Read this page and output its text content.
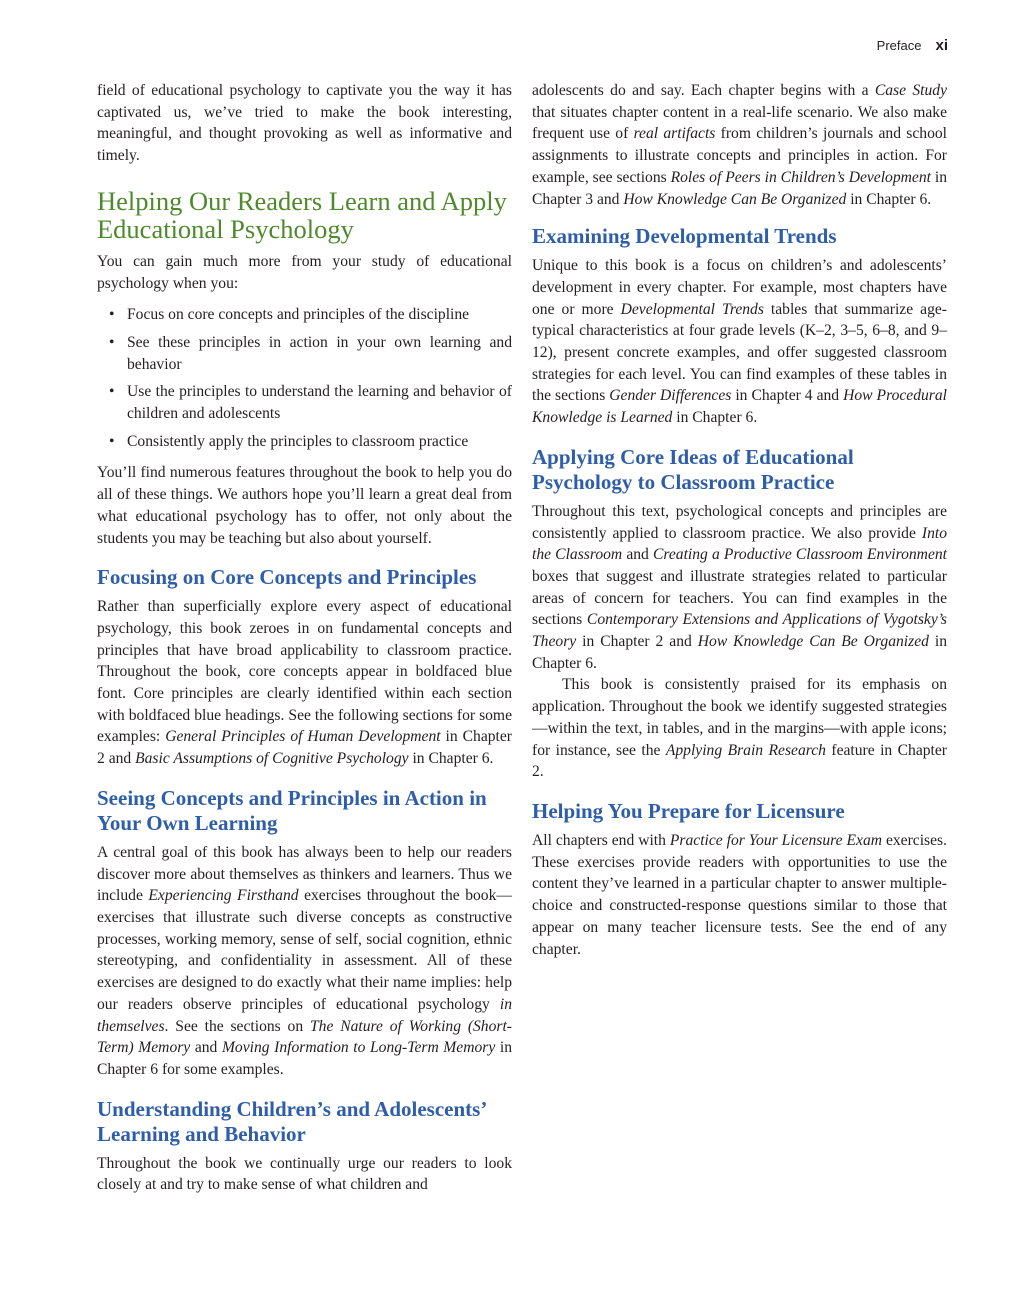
Preface xi

field of educational psychology to captivate you the way it has captivated us, we’ve tried to make the book interesting, meaningful, and thought provoking as well as informative and timely.

Helping Our Readers Learn and Apply Educational Psychology

You can gain much more from your study of educational psychology when you:

• Focus on core concepts and principles of the discipline
• See these principles in action in your own learning and behavior
• Use the principles to understand the learning and behavior of children and adolescents
• Consistently apply the principles to classroom practice

You’ll find numerous features throughout the book to help you do all of these things. We authors hope you’ll learn a great deal from what educational psychology has to offer, not only about the students you may be teaching but also about yourself.

Focusing on Core Concepts and Principles

Rather than superficially explore every aspect of educational psychology, this book zeroes in on fundamental concepts and principles that have broad applicability to classroom practice. Throughout the book, core concepts appear in boldfaced blue font. Core principles are clearly identified within each section with boldfaced blue headings. See the following sections for some examples: General Principles of Human Development in Chapter 2 and Basic Assumptions of Cognitive Psychology in Chapter 6.

Seeing Concepts and Principles in Action in Your Own Learning

A central goal of this book has always been to help our readers discover more about themselves as thinkers and learners. Thus we include Experiencing Firsthand exercises throughout the book—exercises that illustrate such diverse concepts as constructive processes, working memory, sense of self, social cognition, ethnic stereotyping, and confidentiality in assessment. All of these exercises are designed to do exactly what their name implies: help our readers observe principles of educational psychology in themselves. See the sections on The Nature of Working (Short-Term) Memory and Moving Information to Long-Term Memory in Chapter 6 for some examples.

Understanding Children’s and Adolescents’ Learning and Behavior

Throughout the book we continually urge our readers to look closely at and try to make sense of what children and

adolescents do and say. Each chapter begins with a Case Study that situates chapter content in a real-life scenario. We also make frequent use of real artifacts from children’s journals and school assignments to illustrate concepts and principles in action. For example, see sections Roles of Peers in Children’s Development in Chapter 3 and How Knowledge Can Be Organized in Chapter 6.

Examining Developmental Trends

Unique to this book is a focus on children’s and adolescents’ development in every chapter. For example, most chapters have one or more Developmental Trends tables that summarize age-typical characteristics at four grade levels (K–2, 3–5, 6–8, and 9–12), present concrete examples, and offer suggested classroom strategies for each level. You can find examples of these tables in the sections Gender Differences in Chapter 4 and How Procedural Knowledge is Learned in Chapter 6.

Applying Core Ideas of Educational Psychology to Classroom Practice

Throughout this text, psychological concepts and principles are consistently applied to classroom practice. We also provide Into the Classroom and Creating a Productive Classroom Environment boxes that suggest and illustrate strategies related to particular areas of concern for teachers. You can find examples in the sections Contemporary Extensions and Applications of Vygotsky’s Theory in Chapter 2 and How Knowledge Can Be Organized in Chapter 6.

This book is consistently praised for its emphasis on application. Throughout the book we identify suggested strategies—within the text, in tables, and in the margins—with apple icons; for instance, see the Applying Brain Research feature in Chapter 2.

Helping You Prepare for Licensure

All chapters end with Practice for Your Licensure Exam exercises. These exercises provide readers with opportunities to use the content they’ve learned in a particular chapter to answer multiple-choice and constructed-response questions similar to those that appear on many teacher licensure tests. See the end of any chapter.
